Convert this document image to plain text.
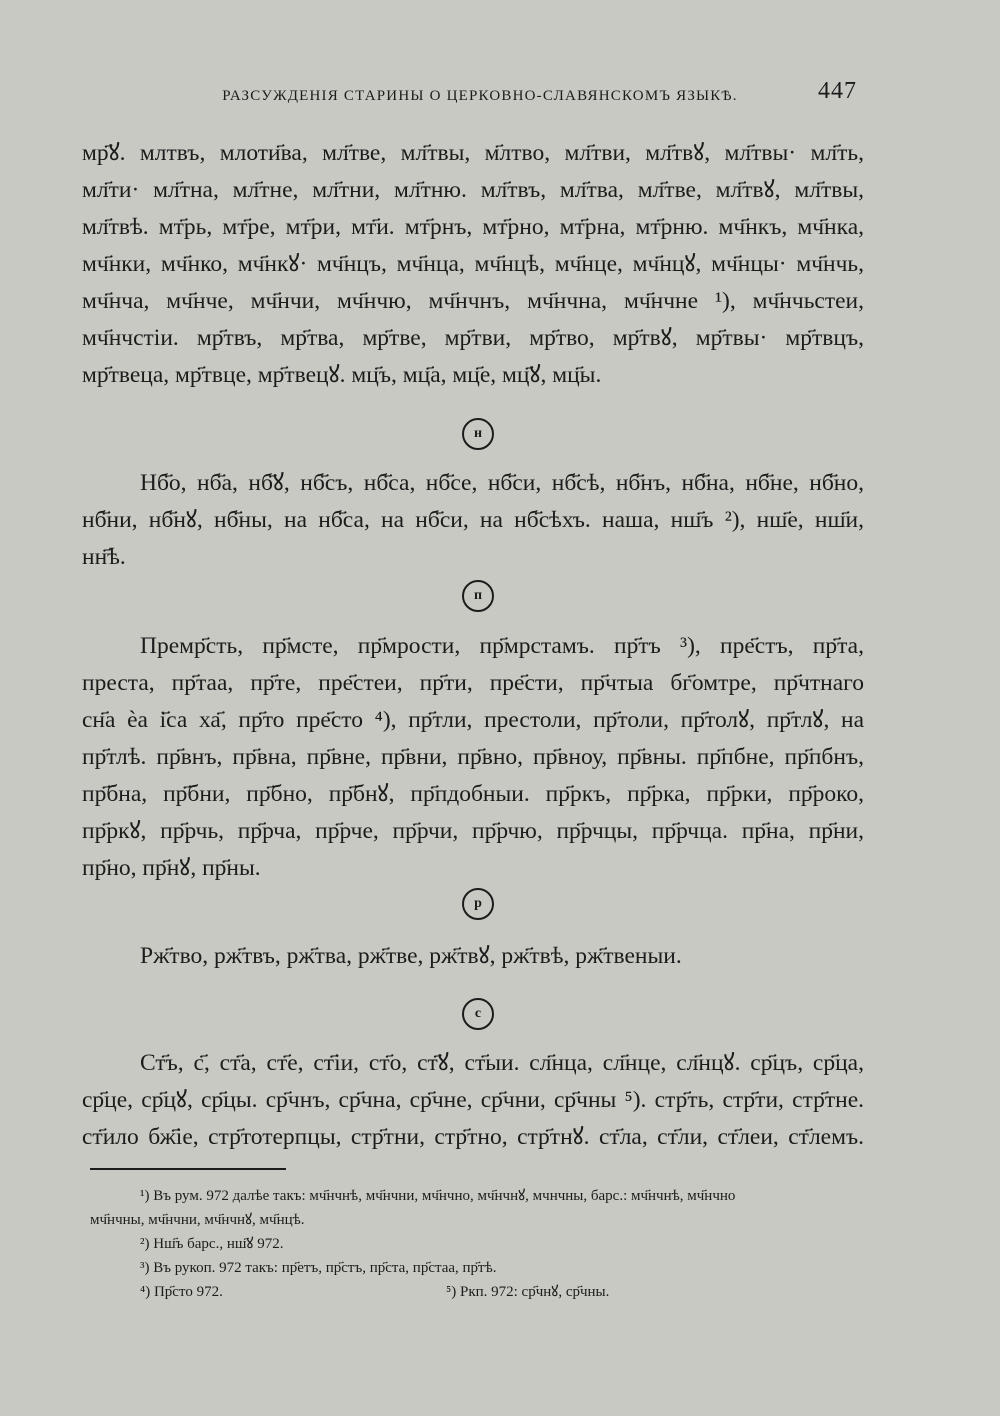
РАЗСУЖДЕНІЯ СТАРИНЫ О ЦЕРКОВНО-СЛАВЯНСКОМЪ ЯЗЫКѢ.	447
мр҃ꙋ. млтвъ, млоти҃ва, мл҃тве, мл҃твы, м҃лтво, мл҃тви, мл҃твꙋ, мл҃твы· мл҃ть,
мл҃ти· мл҃тна, мл҃тне, мл҃тни, мл҃тню. мл҃твъ, мл҃тва, мл҃тве, мл҃твꙋ, мл҃твы,
мл҃твѣ. мт҃рь, мт҃ре, мт҃ри, мт҃и. мт҃рнъ, мт҃рно, мт҃рна, мт҃рню. мч҃нкъ, мч҃нка,
мч҃нки, мч҃нко, мч҃нкꙋ· мч҃нцъ, мч҃нца, мч҃нцѣ, мч҃нце, мч҃нцꙋ, мч҃нцы· мч҃нчь,
мч҃нча, мч҃нче, мч҃нчи, мч҃нчю, мч҃нчнъ, мч҃нчна, мч҃нчне ¹), мч҃нчьстеи,
мч҃нчстіи. мр҃твъ, мр҃тва, мр҃тве, мр҃тви, мр҃тво, мр҃твꙋ, мр҃твы· мр҃твцъ,
мр҃твеца, мр҃твце, мр҃твецꙋ. мц҃ъ, мц҃а, мц҃е, мц҃ꙋ, мц҃ы.
н
Нб҃о, нб҃а, нб҃ꙋ, нб҃съ, нб҃са, нб҃се, нб҃си, нб҃сѣ, нб҃нъ, нб҃на, нб҃не, нб҃но,
нб҃ни, нб҃нꙋ, нб҃ны, на нб҃са, на нб҃си, на нб҃сѣхъ. наша, нш҃ъ ²), нш҃е, нш҃и,
нн҃ѣ.
п
Премр҃сть, пр҃мсте, пр҃мрости, пр҃мрстамъ. пр҃тъ ³), пре҃стъ, пр҃та,
преста, пр҃таа, пр҃те, пре҃стеи, пр҃ти, пре҃сти, пр҃чтыа бг҃омтре, пр҃чтнаго
сн҃а ѐа і҃са ха҃, пр҃то пре҃сто ⁴), пр҃тли, престоли, пр҃толи, пр҃толꙋ, пр҃тлꙋ, на
пр҃тлѣ. пр҃внъ, пр҃вна, пр҃вне, пр҃вни, пр҃вно, пр҃вноу, пр҃вны. пр҃пбне, пр҃пбнъ,
пр҃бна, пр҃бни, пр҃бно, пр҃бнꙋ, пр҃пдобныи. пр҃ркъ, пр҃рка, пр҃рки, пр҃роко,
пр҃ркꙋ, пр҃рчь, пр҃рча, пр҃рче, пр҃рчи, пр҃рчю, пр҃рчцы, пр҃рчца. пр҃на, пр҃ни,
пр҃но, пр҃нꙋ, пр҃ны.
р
Рж҃тво, рж҃твъ, рж҃тва, рж҃тве, рж҃твꙋ, рж҃твѣ, рж҃твеныи.
с
Ст҃ъ, с҃, ст҃а, ст҃е, ст҃іи, ст҃о, ст҃ꙋ, ст҃ыи. сл҃нца, сл҃нце, сл҃нцꙋ. ср҃цъ, ср҃ца,
ср҃це, ср҃цꙋ, ср҃цы. ср҃чнъ, ср҃чна, ср҃чне, ср҃чни, ср҃чны ⁵). стр҃ть, стр҃ти, стр҃тне.
ст҃ило бж҃іе, стр҃тотерпцы, стр҃тни, стр҃тно, стр҃тнꙋ. ст҃ла, ст҃ли, ст҃леи, ст҃лемъ.
¹) Въ рум. 972 далѣе такъ: мч҃нчнѣ, мч҃нчни, мч҃нчно, мч҃нчнꙋ, мчнчны, барс.: мч҃нчнѣ, мч҃нчно
мч҃нчны, мч҃нчни, мч҃нчнꙋ, мч҃нцѣ.
²) Нш҃ъ барс., нш҃ꙋ 972.
³) Въ рукоп. 972 такъ: пр҃етъ, пр҃стъ, пр҃ста, пр҃стаа, пр҃тѣ.
⁴) Пр҃сто 972.	⁵) Ркп. 972: ср҃чнꙋ, ср҃чны.
